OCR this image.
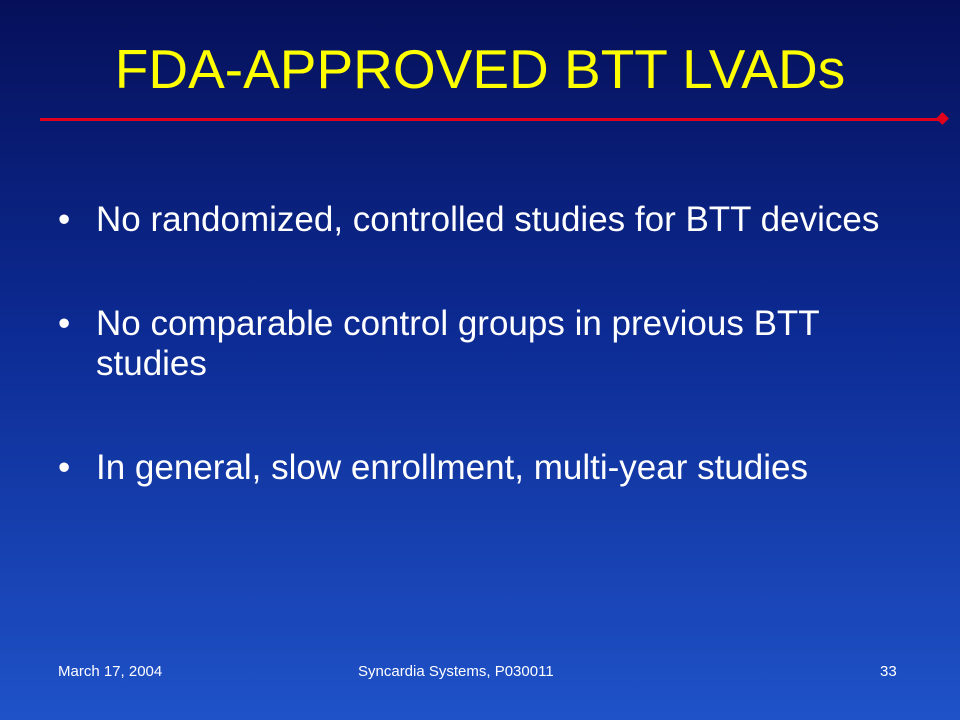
FDA-APPROVED BTT LVADs
• No randomized, controlled studies for BTT devices
• No comparable control groups in previous BTT studies
• In general, slow enrollment, multi-year studies
March 17, 2004	Syncardia Systems, P030011	33
